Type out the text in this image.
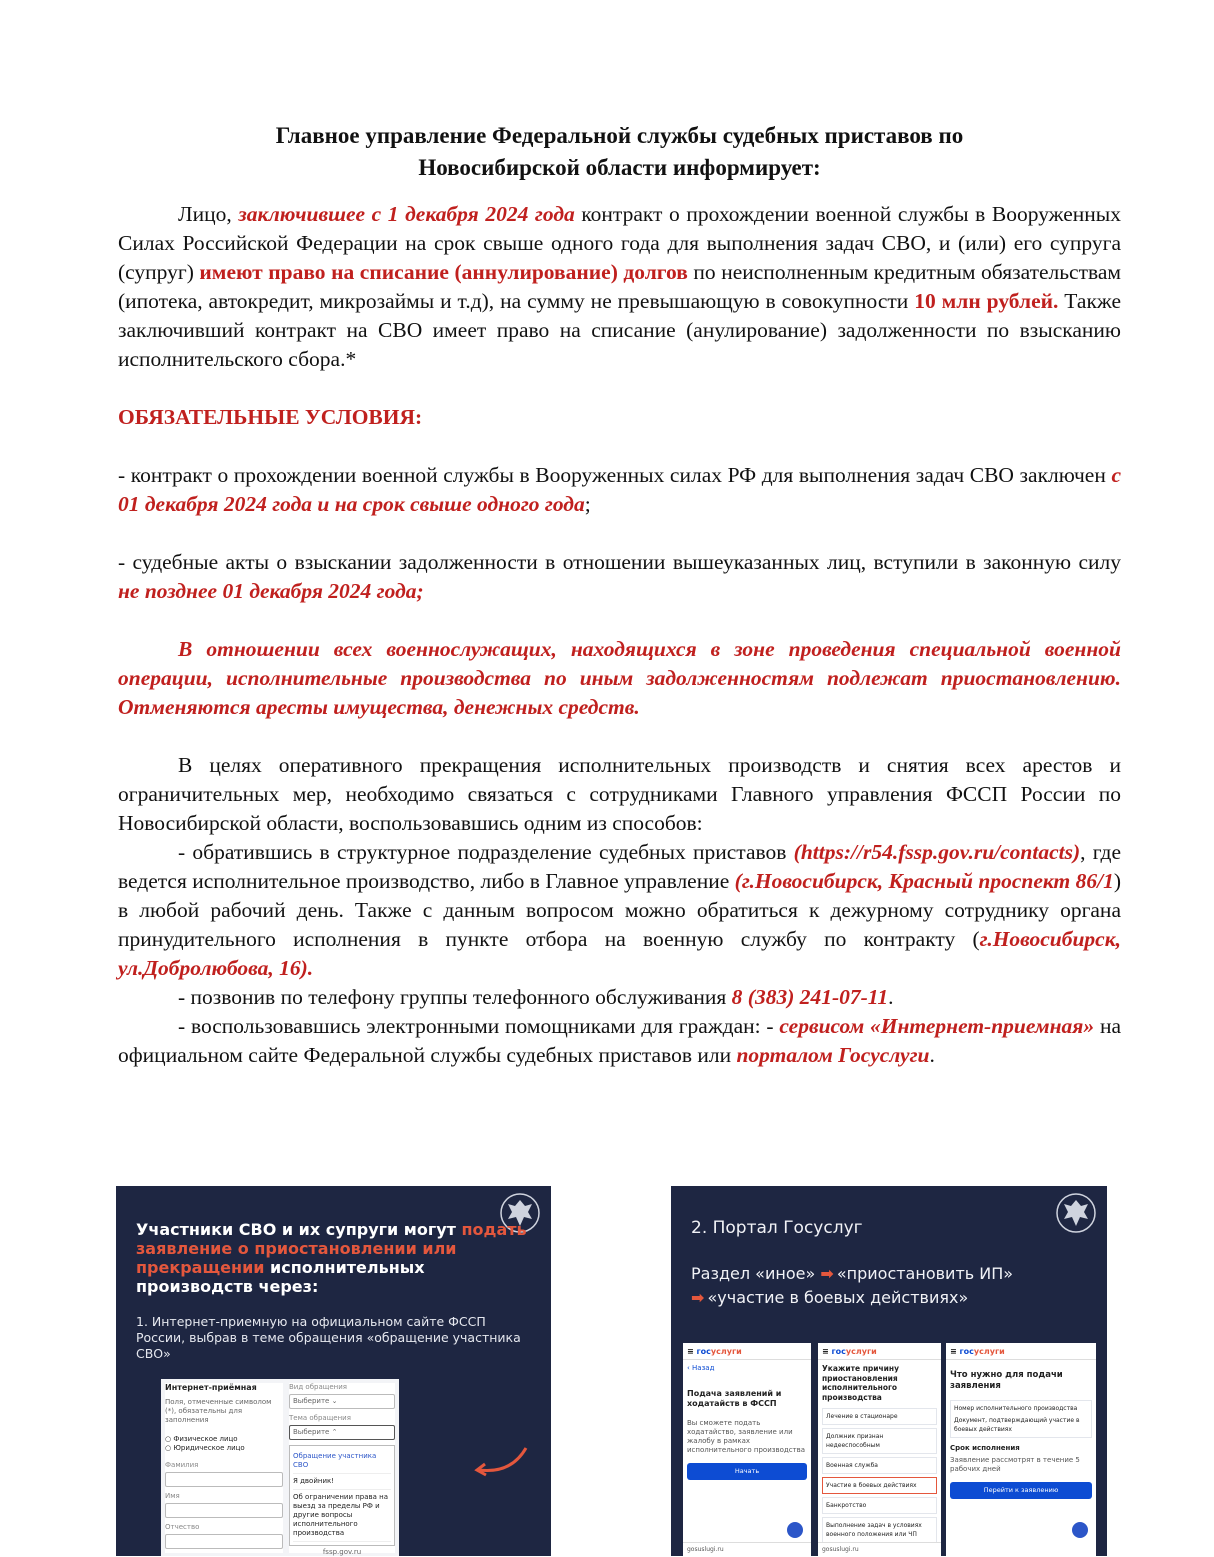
Главное управление Федеральной службы судебных приставов по
Новосибирской области информирует:

Лицо, заключившее с 1 декабря 2024 года контракт о прохождении военной службы в Вооруженных Силах Российской Федерации на срок свыше одного года для выполнения задач СВО, и (или) его супруга (супруг) имеют право на списание (аннулирование) долгов по неисполненным кредитным обязательствам (ипотека, автокредит, микрозаймы и т.д), на сумму не превышающую в совокупности 10 млн рублей. Также заключивший контракт на СВО имеет право на списание (анулирование) задолженности по взысканию исполнительского сбора.*

ОБЯЗАТЕЛЬНЫЕ УСЛОВИЯ:

- контракт о прохождении военной службы в Вооруженных силах РФ для выполнения задач СВО заключен с 01 декабря 2024 года и на срок свыше одного года;

- судебные акты о взыскании задолженности в отношении вышеуказанных лиц, вступили в законную силу не позднее 01 декабря 2024 года;

В отношении всех военнослужащих, находящихся в зоне проведения специальной военной операции, исполнительные производства по иным задолженностям подлежат приостановлению. Отменяются аресты имущества, денежных средств.

В целях оперативного прекращения исполнительных производств и снятия всех арестов и ограничительных мер, необходимо связаться с сотрудниками Главного управления ФССП России по Новосибирской области, воспользовавшись одним из способов:

- обратившись в структурное подразделение судебных приставов (https://r54.fssp.gov.ru/contacts), где ведется исполнительное производство, либо в Главное управление (г.Новосибирск, Красный проспект 86/1) в любой рабочий день. Также с данным вопросом можно обратиться к дежурному сотруднику органа принудительного исполнения в пункте отбора на военную службу по контракту (г.Новосибирск, ул.Добролюбова, 16).

- позвонив по телефону группы телефонного обслуживания 8 (383) 241-07-11.

- воспользовавшись электронными помощниками для граждан: - сервисом «Интернет-приемная» на официальном сайте Федеральной службы судебных приставов или порталом Госуслуги.

Участники СВО и их супруги могут подать заявление о приостановлении или прекращении исполнительных производств через:
1. Интернет-приемную на официальном сайте ФССП России, выбрав в теме обращения «обращение участника СВО»
Интернет-приёмная
Поля, отмеченные символом (*), обязательны для заполнения
○ Физическое лицо
○ Юридическое лицо
Фамилия
Имя
Отчество
Вид обращения
Выберите ⌄
Тема обращения
Выберите ⌃
Обращение участника СВО
Я двойник!
Об ограничении права на выезд за пределы РФ и другие вопросы исполнительного производства
fssp.gov.ru
2. Портал Госуслуг
Раздел «иное» ➡ «приостановить ИП»
➡ «участие в боевых действиях»
≡ госуслуги
‹ Назад
Подача заявлений и ходатайств в ФССП
Вы сможете подать ходатайство, заявление или жалобу в рамках исполнительного производства
Начать
gosuslugi.ru
≡ госуслуги
Укажите причину приостановления исполнительного производства
Лечение в стационаре
Должник признан недееспособным
Военная служба
Участие в боевых действиях
Банкротство
Выполнение задач в условиях военного положения или ЧП
gosuslugi.ru
≡ госуслуги
Что нужно для подачи заявления
Номер исполнительного производства
Документ, подтверждающий участие в боевых действиях
Срок исполнения
Заявление рассмотрят в течение 5 рабочих дней
Перейти к заявлению
